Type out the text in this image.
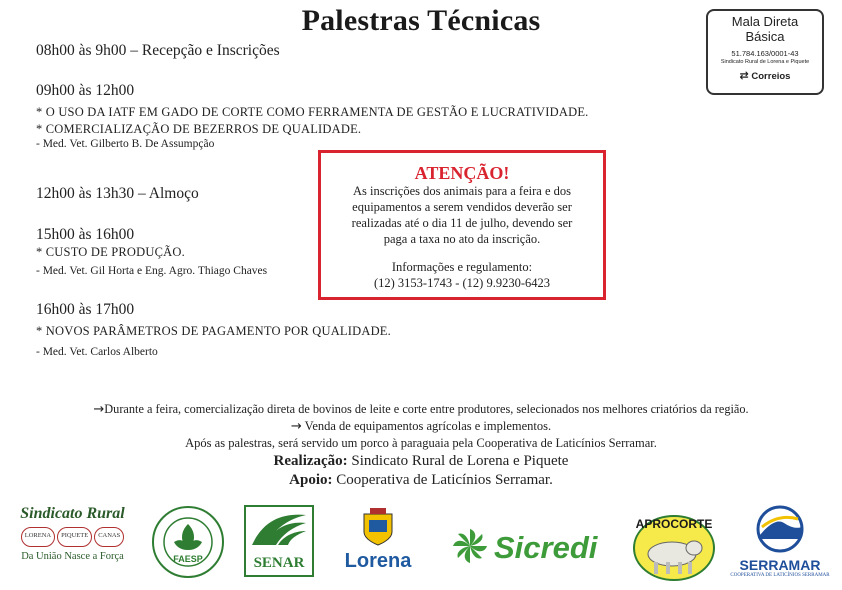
Palestras Técnicas	Mala Direta
Básica
51.784.163/0001-43
Sindicato Rural de Lorena e Piquete
⇄ Correios
08h00 às 9h00 – Recepção e Inscrições
09h00 às 12h00
* O USO DA IATF EM GADO DE CORTE COMO FERRAMENTA DE GESTÃO E LUCRATIVIDADE.
* COMERCIALIZAÇÃO DE BEZERROS DE QUALIDADE.
- Med. Vet. Gilberto B. De Assumpção
12h00 às 13h30 – Almoço
15h00 às 16h00
* CUSTO DE PRODUÇÃO.
- Med. Vet. Gil Horta e Eng. Agro. Thiago Chaves
16h00 às 17h00
* NOVOS PARÂMETROS DE PAGAMENTO POR QUALIDADE.
- Med. Vet. Carlos Alberto
ATENÇÃO!
As inscrições dos animais para a feira e dos
equipamentos a serem vendidos deverão ser
realizadas até o dia 11 de julho, devendo ser
paga a taxa no ato da inscrição.
Informações e regulamento:
(12) 3153-1743 - (12) 9.9230-6423
→Durante a feira, comercialização direta de bovinos de leite e corte entre produtores, selecionados nos melhores criatórios da região.
→ Venda de equipamentos agrícolas e implementos.
Após as palestras, será servido um porco à paraguaia pela Cooperativa de Laticínios Serramar.
Realização: Sindicato Rural de Lorena e Piquete
Apoio: Cooperativa de Laticínios Serramar.
Sindicato Rural
LORENA	PIQUETE	CANAS
Da União Nasce a Força	FAESP	SENAR	Lorena	Sicredi
APROCORTE
SERRAMAR
COOPERATIVA DE LATICÍNIOS SERRAMAR
